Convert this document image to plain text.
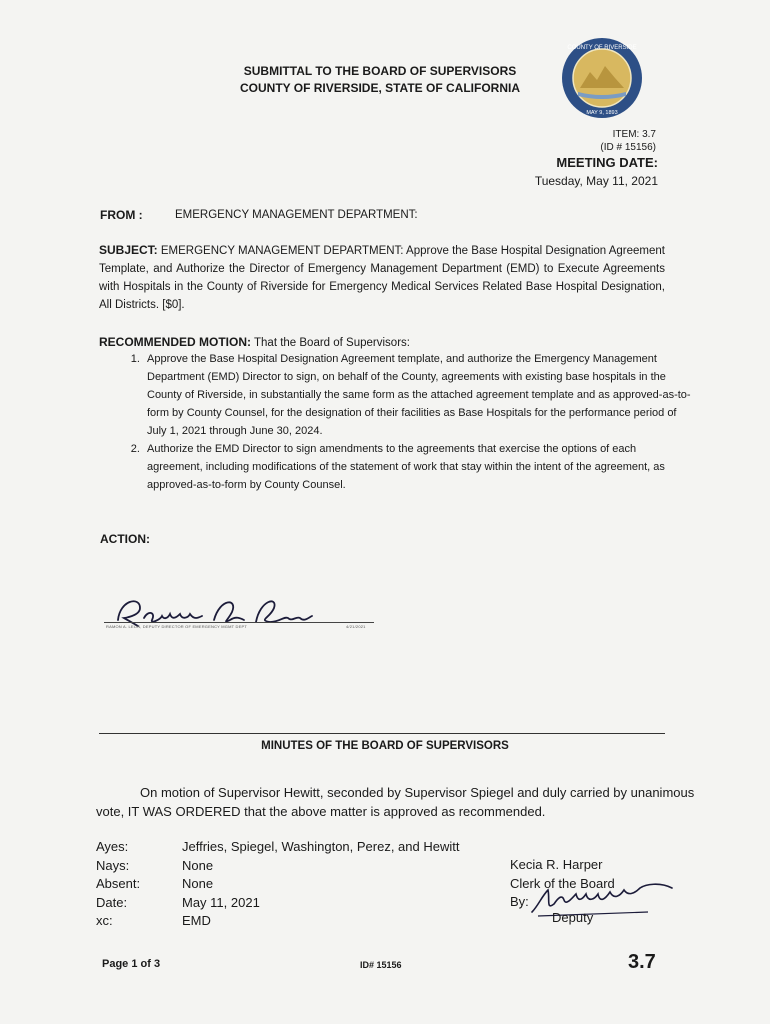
SUBMITTAL TO THE BOARD OF SUPERVISORS
COUNTY OF RIVERSIDE, STATE OF CALIFORNIA
COUNTY OF RIVERSIDE
MAY 9, 1893
ITEM: 3.7
(ID # 15156)
MEETING DATE:
Tuesday, May 11, 2021
FROM :	EMERGENCY MANAGEMENT DEPARTMENT:
SUBJECT: EMERGENCY MANAGEMENT DEPARTMENT: Approve the Base Hospital Designation Agreement Template, and Authorize the Director of Emergency Management Department (EMD) to Execute Agreements with Hospitals in the County of Riverside for Emergency Medical Services Related Base Hospital Designation, All Districts. [$0].
RECOMMENDED MOTION: That the Board of Supervisors:
1. Approve the Base Hospital Designation Agreement template, and authorize the Emergency Management Department (EMD) Director to sign, on behalf of the County, agreements with existing base hospitals in the County of Riverside, in substantially the same form as the attached agreement template and as approved-as-to-form by County Counsel, for the designation of their facilities as Base Hospitals for the performance period of July 1, 2021 through June 30, 2024.
2. Authorize the EMD Director to sign amendments to the agreements that exercise the options of each agreement, including modifications of the statement of work that stay within the intent of the agreement, as approved-as-to-form by County Counsel.
ACTION:
RAMON A. LEON, DEPUTY DIRECTOR OF EMERGENCY MGMT DEPT	4/21/2021
MINUTES OF THE BOARD OF SUPERVISORS
On motion of Supervisor Hewitt, seconded by Supervisor Spiegel and duly carried by unanimous vote, IT WAS ORDERED that the above matter is approved as recommended.
Ayes:	Jeffries, Spiegel, Washington, Perez, and Hewitt
Nays:	None
Absent:	None
Date:	May 11, 2021
xc:	EMD
Kecia R. Harper
Clerk of the Board
By:
Deputy
Page 1 of 3	ID# 15156	3.7
